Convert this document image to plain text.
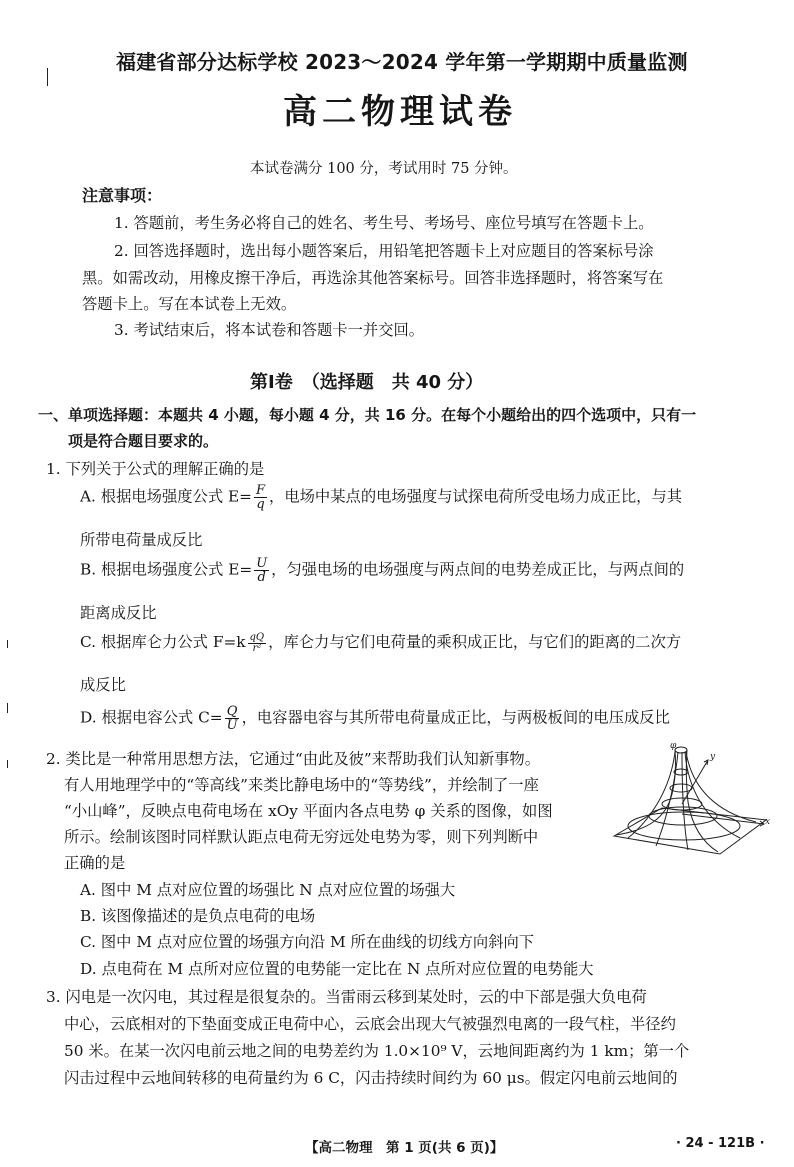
福建省部分达标学校 2023～2024 学年第一学期期中质量监测
高二物理试卷
本试卷满分 100 分，考试用时 75 分钟。
注意事项：
1. 答题前，考生务必将自己的姓名、考生号、考场号、座位号填写在答题卡上。
2. 回答选择题时，选出每小题答案后，用铅笔把答题卡上对应题目的答案标号涂
黑。如需改动，用橡皮擦干净后，再选涂其他答案标号。回答非选择题时，将答案写在
答题卡上。写在本试卷上无效。
3. 考试结束后，将本试卷和答题卡一并交回。
第Ⅰ卷　（选择题　共 40 分）
一、单项选择题：本题共 4 小题，每小题 4 分，共 16 分。在每个小题给出的四个选项中，只有一
项是符合题目要求的。
1. 下列关于公式的理解正确的是
A. 根据电场强度公式 $E= \frac{F}{q}$ ，电场中某点的电场强度与试探电荷所受电场力成正比，与其
所带电荷量成反比
B. 根据电场强度公式 $E= \frac{U}{d}$ ，匀强电场的电场强度与两点间的电势差成正比，与两点间的
距离成反比
C. 根据库仑力公式 $F=k \frac{qQ}{\text{r²}}$ ，库仑力与它们电荷量的乘积成正比，与它们的距离的二次方
成反比
D. 根据电容公式 $C= \frac{Q}{U}$ ，电容器电容与其所带电荷量成正比，与两极板间的电压成反比
2. 类比是一种常用思想方法，它通过“由此及彼”来帮助我们认知新事物。
有人用地理学中的“等高线”来类比静电场中的“等势线”，并绘制了一座
“小山峰”，反映点电荷电场在 xOy 平面内各点电势 φ 关系的图像，如图
所示。绘制该图时同样默认距点电荷无穷远处电势为零，则下列判断中
正确的是
A. 图中 M 点对应位置的场强比 N 点对应位置的场强大
B. 该图像描述的是负点电荷的电场
C. 图中 M 点对应位置的场强方向沿 M 所在曲线的切线方向斜向下
D. 点电荷在 M 点所对应位置的电势能一定比在 N 点所对应位置的电势能大
φ
y
x
3. 闪电是一次闪电，其过程是很复杂的。当雷雨云移到某处时，云的中下部是强大负电荷
中心，云底相对的下垫面变成正电荷中心，云底会出现大气被强烈电离的一段气柱，半径约
50 米。在某一次闪电前云地之间的电势差约为 1.0×10⁹ V，云地间距离约为 1 km；第一个
闪击过程中云地间转移的电荷量约为 6 C，闪击持续时间约为 60 μs。假定闪电前云地间的
【高二物理　第 1 页(共 6 页)】	· 24 - 121B ·
